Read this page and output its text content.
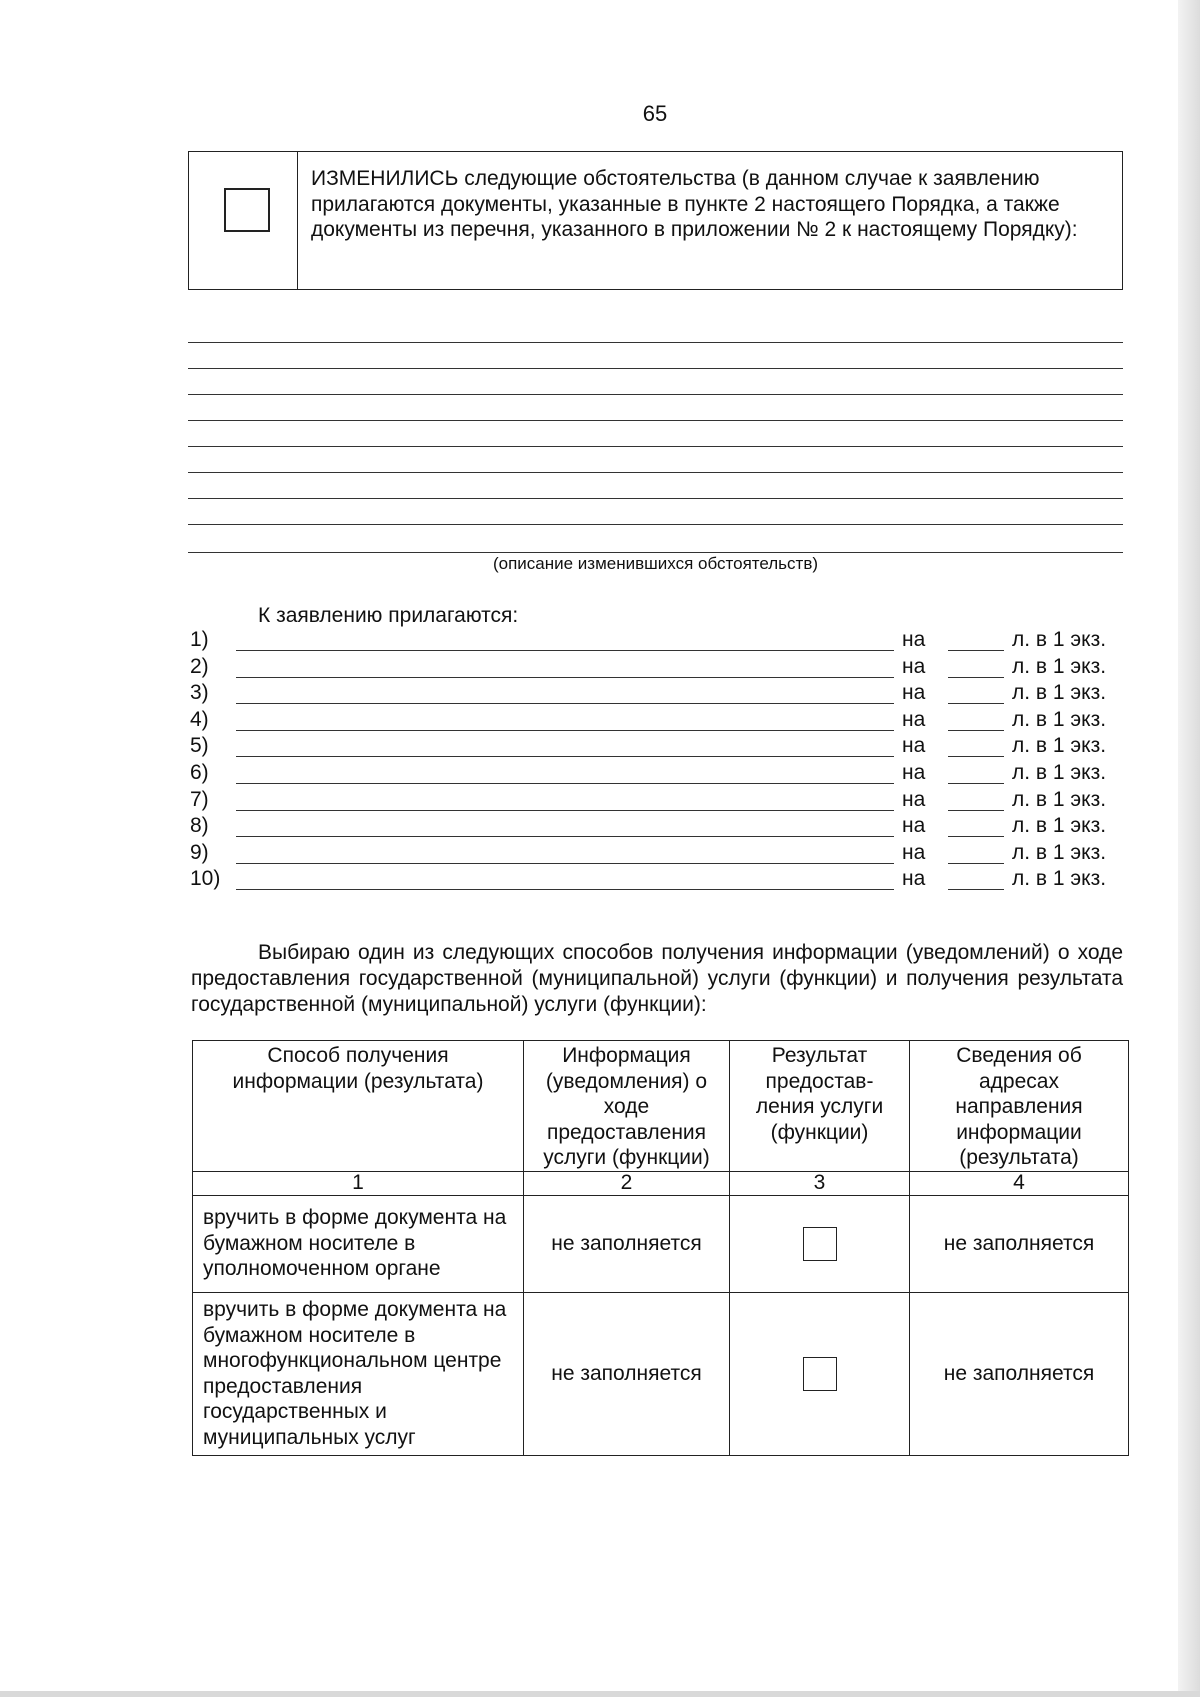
65
ИЗМЕНИЛИСЬ следующие обстоятельства (в данном случае к заявлению прилагаются документы, указанные в пункте 2 настоящего Порядка, а также документы из перечня, указанного в приложении № 2 к настоящему Порядку):
(описание изменившихся обстоятельств)
К заявлению прилагаются:
1)	на	л. в 1 экз.
2)	на	л. в 1 экз.
3)	на	л. в 1 экз.
4)	на	л. в 1 экз.
5)	на	л. в 1 экз.
6)	на	л. в 1 экз.
7)	на	л. в 1 экз.
8)	на	л. в 1 экз.
9)	на	л. в 1 экз.
10)	на	л. в 1 экз.
Выбираю один из следующих способов получения информации (уведомлений) о ходе предоставления государственной (муниципальной) услуги (функции) и получения результата государственной (муниципальной) услуги (функции):
Способ получения информации (результата)	Информация (уведомления) о ходе предоставления услуги (функции)	Результат предостав- ления услуги (функции)	Сведения об адресах направления информации (результата)
1	2	3	4
вручить в форме документа на бумажном носителе в уполномоченном органе	не заполняется		не заполняется
вручить в форме документа на бумажном носителе в многофункциональном центре предоставления государственных и муниципальных услуг	не заполняется		не заполняется
